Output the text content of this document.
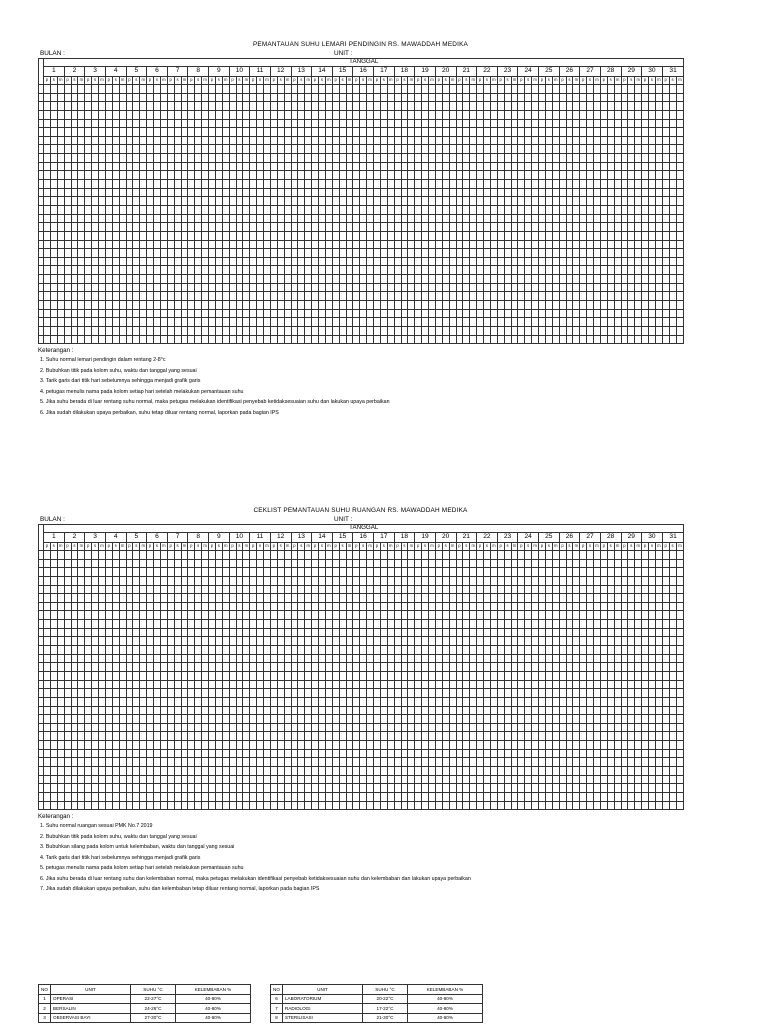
PEMANTAUAN SUHU LEMARI PENDINGIN RS. MAWADDAH MEDIKA
BULAN :	UNIT :
	TANGGAL
1	2	3	4	5	6	7	8	9	10	11	12	13	14	15	16	17	18	19	20	21	22	23	24	25	26	27	28	29	30	31
p	s	m	p	s	m	p	s	m	p	s	m	p	s	m	p	s	m	p	s	m	p	s	m	p	s	m	p	s	m	p	s	m	p	s	m	p	s	m	p	s	m	p	s	m	p	s	m	p	s	m	p	s	m	p	s	m	p	s	m	p	s	m	p	s	m	p	s	m	p	s	m	p	s	m	p	s	m	p	s	m	p	s	m	p	s	m	p	s	m	p	s	m

Keterangan :
1. Suhu normal lemari pendingin dalam rentang 2-8°c
2. Bubuhkan titik pada kolom suhu, waktu dan tanggal yang sesuai
3. Tarik garis dari titik hari sebelumnya sehingga menjadi grafik garis
4. petugas menulis nama pada kolom setiap hari setelah melakukan pemantauan suhu
5. Jika suhu berada di luar rentang suhu normal, maka petugas melakukan identifikasi penyebab ketidaksesuaian suhu dan lakukan upaya perbaikan
6. Jika sudah dilakukan upaya perbaikan, suhu tetap diluar rentang normal, laporkan pada bagian IPS
CEKLIST PEMANTAUAN SUHU RUANGAN RS. MAWADDAH MEDIKA
BULAN :	UNIT :
	TANGGAL
1	2	3	4	5	6	7	8	9	10	11	12	13	14	15	16	17	18	19	20	21	22	23	24	25	26	27	28	29	30	31
p	s	m	p	s	m	p	s	m	p	s	m	p	s	m	p	s	m	p	s	m	p	s	m	p	s	m	p	s	m	p	s	m	p	s	m	p	s	m	p	s	m	p	s	m	p	s	m	p	s	m	p	s	m	p	s	m	p	s	m	p	s	m	p	s	m	p	s	m	p	s	m	p	s	m	p	s	m	p	s	m	p	s	m	p	s	m	p	s	m	p	s	m

Keterangan :
1. Suhu normal ruangan sesuai PMK No.7 2019
2. Bubuhkan titik pada kolom suhu, waktu dan tanggal yang sesuai
3. Bubuhkan silang pada kolom untuk kelembaban, waktu dan tanggal yang sesuai
4. Tarik garis dari titik hari sebelumnya sehingga menjadi grafik garis
5. petugas menulis nama pada kolom setiap hari setelah melakukan pemantauan suhu
6. Jika suhu berada di luar rentang suhu dan kelembaban normal, maka petugas melakukan identifikasi penyebab ketidaksesuaian suhu dan kelembaban dan lakukan upaya perbaikan
7. Jika sudah dilakukan upaya perbaikan, suhu dan kelembaban tetap diluar rentang normal, laporkan pada bagian IPS
NO	UNIT	SUHU °C	KELEMBABAN %
1	OPERASI	22-27°C	40-60%
2	BERSALIN	24-26°C	40-60%
3	OBSERVASI BAYI	27-30°C	40-60%
NO	UNIT	SUHU °C	KELEMBABAN %
6	LABORATORIUM	20-22°C	40-60%
7	RADIOLOGI	17-22°C	40-60%
8	STERILISASI	21-30°C	40-60%
